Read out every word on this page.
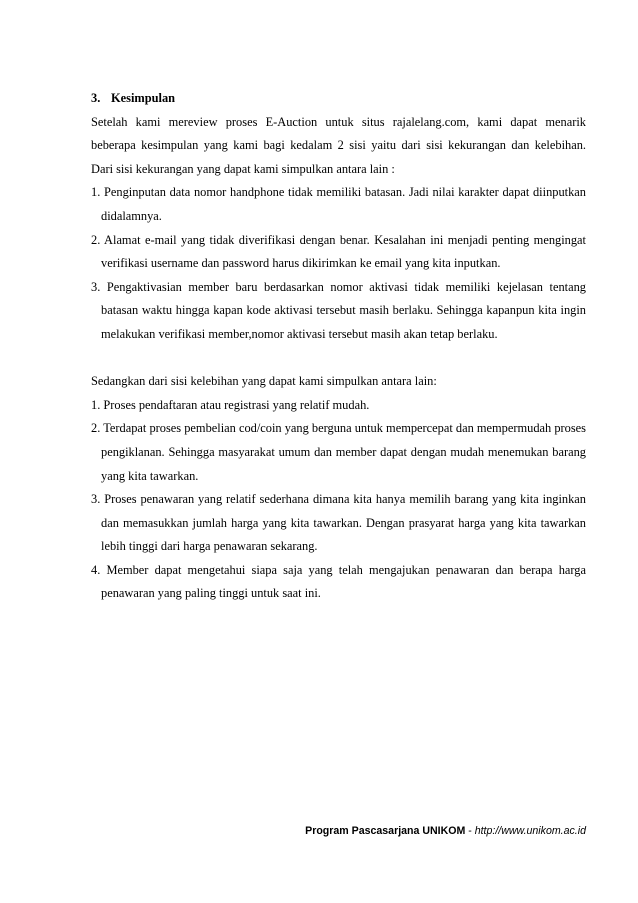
3. Kesimpulan

Setelah kami mereview proses E-Auction untuk situs rajalelang.com, kami dapat menarik

beberapa kesimpulan yang kami bagi kedalam 2 sisi yaitu dari sisi kekurangan dan kelebihan.

Dari sisi kekurangan yang dapat kami simpulkan antara lain :

1. Penginputan data nomor handphone tidak memiliki batasan. Jadi nilai karakter dapat diinputkan didalamnya.
2. Alamat e-mail yang tidak diverifikasi dengan benar. Kesalahan ini menjadi penting mengingat verifikasi username dan password harus dikirimkan ke email yang kita inputkan.
3. Pengaktivasian member baru berdasarkan nomor aktivasi tidak memiliki kejelasan tentang batasan waktu hingga kapan kode aktivasi tersebut masih berlaku. Sehingga kapanpun kita ingin melakukan verifikasi member,nomor aktivasi tersebut masih akan tetap berlaku.

Sedangkan dari sisi kelebihan yang dapat kami simpulkan antara lain:

1. Proses pendaftaran atau registrasi yang relatif mudah.
2. Terdapat proses pembelian cod/coin yang berguna untuk mempercepat dan mempermudah proses pengiklanan. Sehingga masyarakat umum dan member dapat dengan mudah menemukan barang yang kita tawarkan.
3. Proses penawaran yang relatif sederhana dimana kita hanya memilih barang yang kita inginkan dan memasukkan jumlah harga yang kita tawarkan. Dengan prasyarat harga yang kita tawarkan lebih tinggi dari harga penawaran sekarang.
4. Member dapat mengetahui siapa saja yang telah mengajukan penawaran dan berapa harga penawaran yang paling tinggi untuk saat ini.
Program Pascasarjana UNIKOM - http://www.unikom.ac.id
